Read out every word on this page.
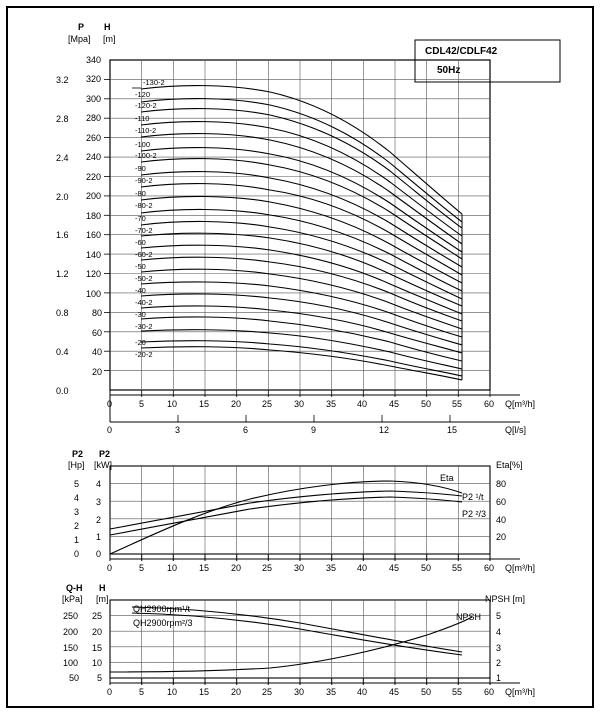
CDL42/CDLF42
50Hz
P H
[Mpa] [m]
3.2
2.8
2.4
2.0
1.6
1.2
0.8
0.4
0.0
340
320
300
280
260
240
220
200
180
160
140
120
100
80
60
40
20
-130-2
-120
-120-2
-110
-110-2
-100
-100-2
-90
-90-2
-80
-80-2
-70
-70-2
-60
-60-2
-50
-50-2
-40
-40-2
-30
-30-2
-20
-20-2
0	5	10 15 20 25 30 35 40 45 50 55 60 Q[m³/h]
0	3	6	9	12	15	Q[l/s]
P2 P2
[Hp] [kW]	Eta[%]
5
4
3
2
1
0
4
3
2
1
0
80
60
40
20
Eta
P2 ¹/t
P2 ²/3
0	5	10 15 20 25 30 35 40 45 50 55 60 Q[m³/h]
Q-H H
[kPa] [m]	NPSH [m]
250
200
150
100
50
25
20
15
10
5
5
4
3
2
1
QH2900rpm¹/t
QH2900rpm²/3
NPSH
0	5	10 15 20 25 30 35 40 45 50 55 60 Q[m³/h]
